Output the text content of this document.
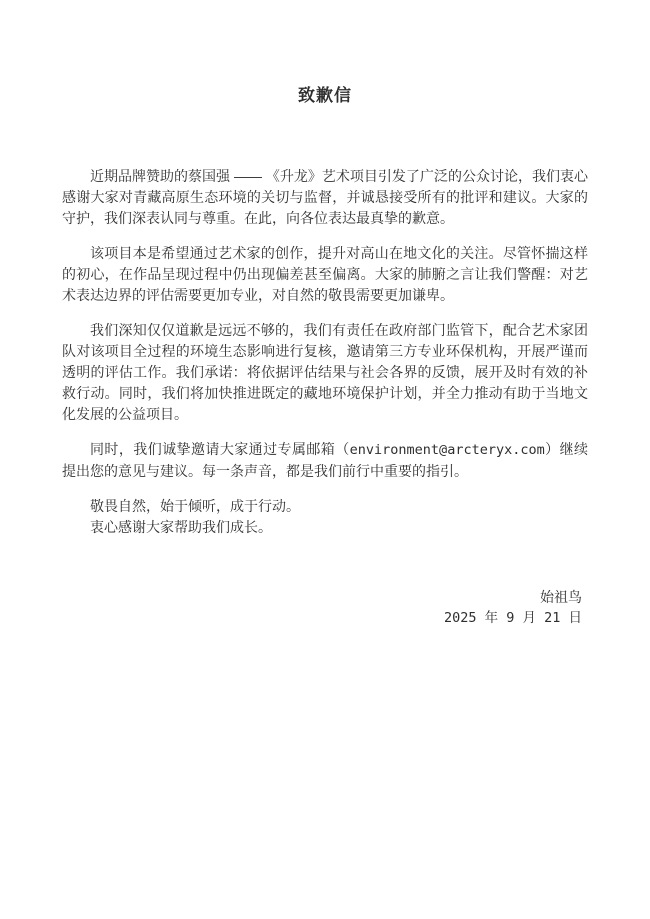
致歉信

近期品牌赞助的蔡国强 —— 《升龙》艺术项目引发了广泛的公众讨论，我们衷心感谢大家对青藏高原生态环境的关切与监督，并诚恳接受所有的批评和建议。大家的守护，我们深表认同与尊重。在此，向各位表达最真挚的歉意。

该项目本是希望通过艺术家的创作，提升对高山在地文化的关注。尽管怀揣这样的初心，在作品呈现过程中仍出现偏差甚至偏离。大家的肺腑之言让我们警醒：对艺术表达边界的评估需要更加专业，对自然的敬畏需要更加谦卑。

我们深知仅仅道歉是远远不够的，我们有责任在政府部门监管下，配合艺术家团队对该项目全过程的环境生态影响进行复核，邀请第三方专业环保机构，开展严谨而透明的评估工作。我们承诺：将依据评估结果与社会各界的反馈，展开及时有效的补救行动。同时，我们将加快推进既定的藏地环境保护计划，并全力推动有助于当地文化发展的公益项目。

同时，我们诚挚邀请大家通过专属邮箱（environment@arcteryx.com）继续提出您的意见与建议。每一条声音，都是我们前行中重要的指引。

敬畏自然，始于倾听，成于行动。
衷心感谢大家帮助我们成长。
始祖鸟
2025 年 9 月 21 日
